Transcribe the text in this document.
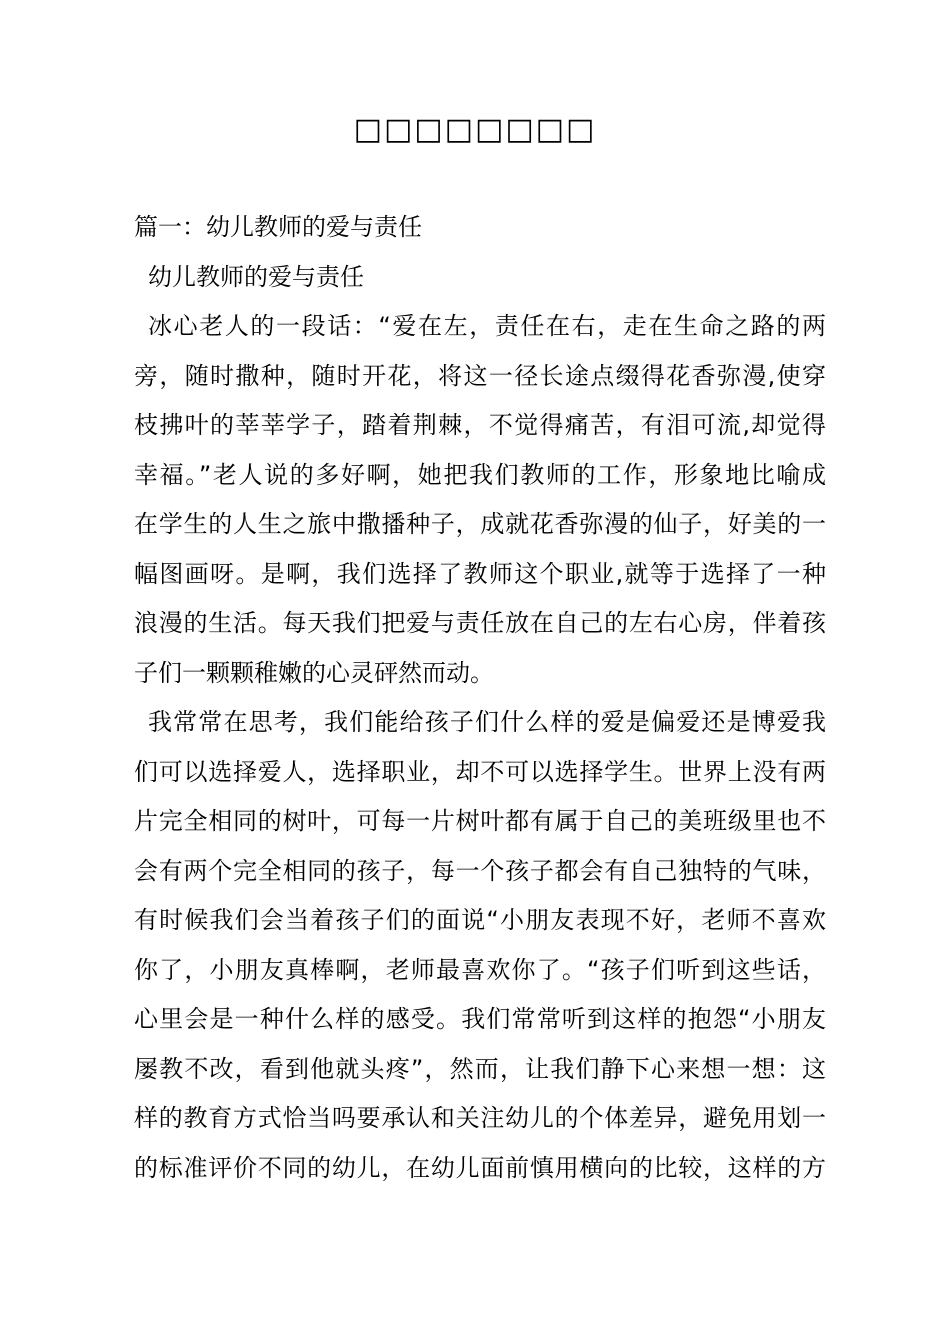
□□□□□□□□
篇一：幼儿教师的爱与责任
幼儿教师的爱与责任
冰心老人的一段话：“爱在左，责任在右，走在生命之路的两
旁，随时撒种，随时开花，将这一径长途点缀得花香弥漫,使穿
枝拂叶的莘莘学子，踏着荆棘，不觉得痛苦，有泪可流,却觉得
幸福。”老人说的多好啊，她把我们教师的工作，形象地比喻成
在学生的人生之旅中撒播种子，成就花香弥漫的仙子，好美的一
幅图画呀。是啊，我们选择了教师这个职业,就等于选择了一种
浪漫的生活。每天我们把爱与责任放在自己的左右心房，伴着孩
子们一颗颗稚嫩的心灵砰然而动。
我常常在思考，我们能给孩子们什么样的爱是偏爱还是博爱我
们可以选择爱人，选择职业，却不可以选择学生。世界上没有两
片完全相同的树叶，可每一片树叶都有属于自己的美班级里也不
会有两个完全相同的孩子，每一个孩子都会有自己独特的气味，
有时候我们会当着孩子们的面说“小朋友表现不好，老师不喜欢
你了，小朋友真棒啊，老师最喜欢你了。“孩子们听到这些话，
心里会是一种什么样的感受。我们常常听到这样的抱怨“小朋友
屡教不改，看到他就头疼”，然而，让我们静下心来想一想：这
样的教育方式恰当吗要承认和关注幼儿的个体差异，避免用划一
的标准评价不同的幼儿，在幼儿面前慎用横向的比较，这样的方
